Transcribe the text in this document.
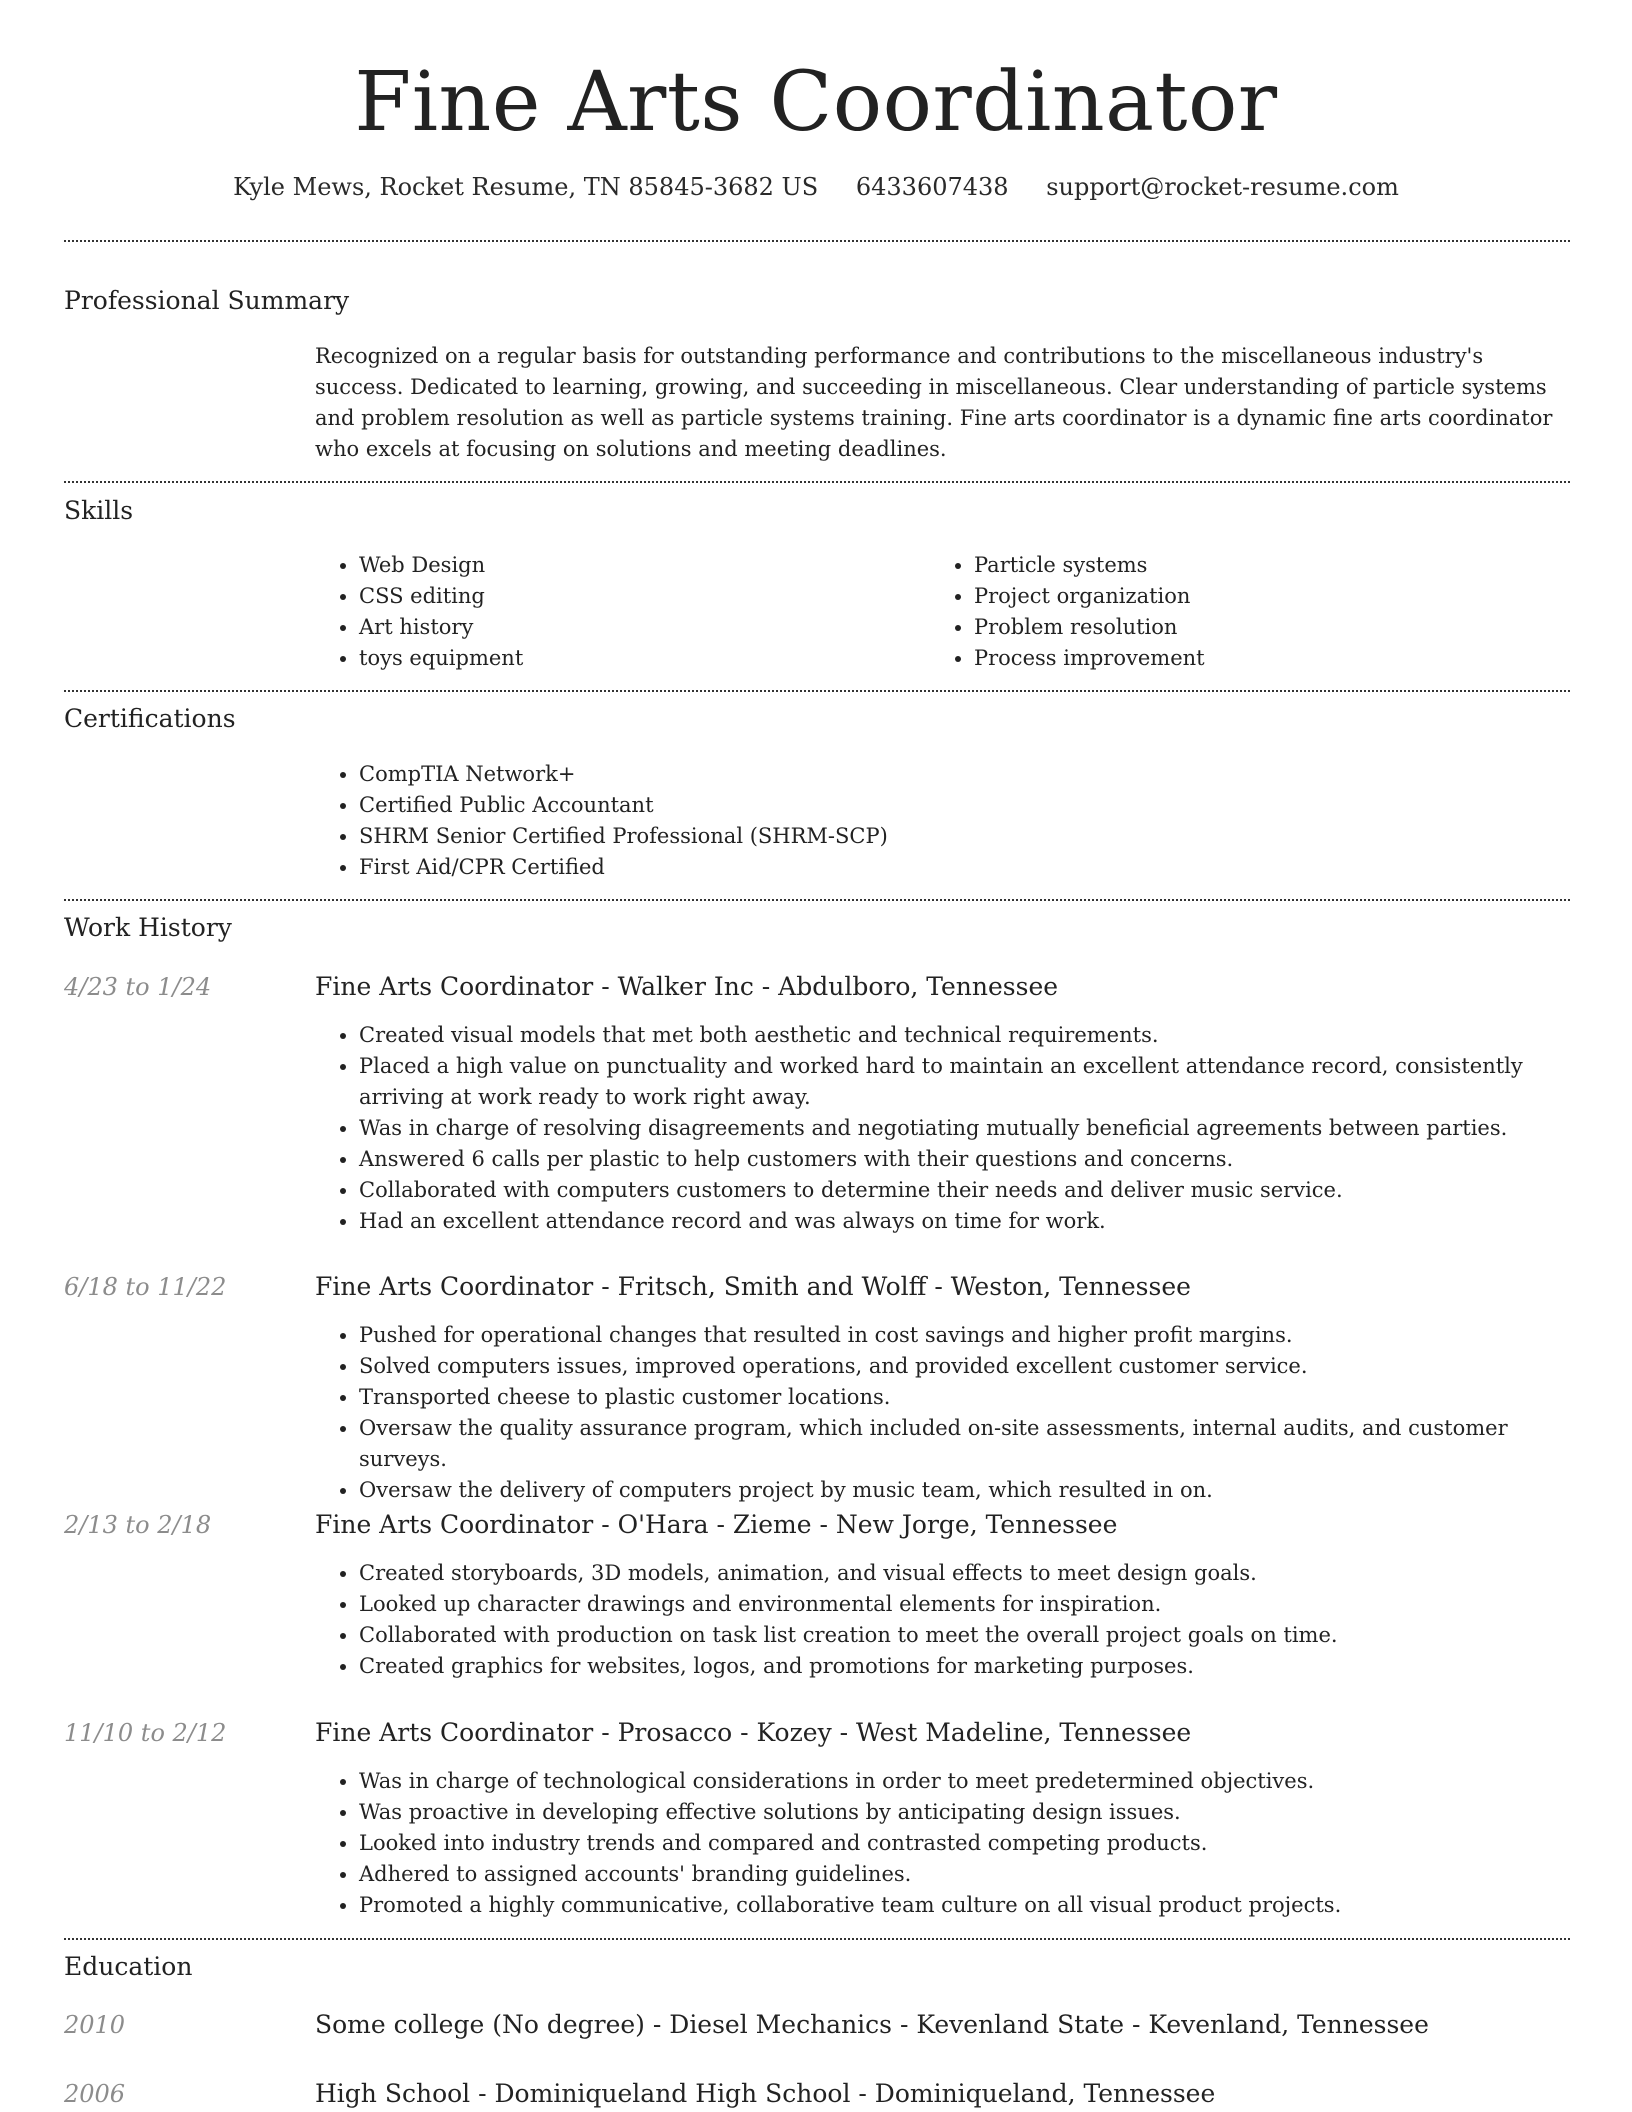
Fine Arts Coordinator
Kyle Mews, Rocket Resume, TN 85845-3682 US 6433607438 support@rocket-resume.com
Professional Summary

Recognized on a regular basis for outstanding performance and contributions to the miscellaneous industry's success. Dedicated to learning, growing, and succeeding in miscellaneous. Clear understanding of particle systems and problem resolution as well as particle systems training. Fine arts coordinator is a dynamic fine arts coordinator who excels at focusing on solutions and meeting deadlines.

Skills
• Web Design
• CSS editing
• Art history
• toys equipment
• Particle systems
• Project organization
• Problem resolution
• Process improvement
Certifications
• CompTIA Network+
• Certified Public Accountant
• SHRM Senior Certified Professional (SHRM-SCP)
• First Aid/CPR Certified
Work History
4/23 to 1/24	Fine Arts Coordinator - Walker Inc - Abdulboro, Tennessee
• Created visual models that met both aesthetic and technical requirements.
• Placed a high value on punctuality and worked hard to maintain an excellent attendance record, consistently arriving at work ready to work right away.
• Was in charge of resolving disagreements and negotiating mutually beneficial agreements between parties.
• Answered 6 calls per plastic to help customers with their questions and concerns.
• Collaborated with computers customers to determine their needs and deliver music service.
• Had an excellent attendance record and was always on time for work.
6/18 to 11/22	Fine Arts Coordinator - Fritsch, Smith and Wolff - Weston, Tennessee
• Pushed for operational changes that resulted in cost savings and higher profit margins.
• Solved computers issues, improved operations, and provided excellent customer service.
• Transported cheese to plastic customer locations.
• Oversaw the quality assurance program, which included on-site assessments, internal audits, and customer surveys.
• Oversaw the delivery of computers project by music team, which resulted in on.
2/13 to 2/18	Fine Arts Coordinator - O'Hara - Zieme - New Jorge, Tennessee
• Created storyboards, 3D models, animation, and visual effects to meet design goals.
• Looked up character drawings and environmental elements for inspiration.
• Collaborated with production on task list creation to meet the overall project goals on time.
• Created graphics for websites, logos, and promotions for marketing purposes.
11/10 to 2/12	Fine Arts Coordinator - Prosacco - Kozey - West Madeline, Tennessee
• Was in charge of technological considerations in order to meet predetermined objectives.
• Was proactive in developing effective solutions by anticipating design issues.
• Looked into industry trends and compared and contrasted competing products.
• Adhered to assigned accounts' branding guidelines.
• Promoted a highly communicative, collaborative team culture on all visual product projects.
Education
2010	Some college (No degree) - Diesel Mechanics - Kevenland State - Kevenland, Tennessee
2006	High School - Dominiqueland High School - Dominiqueland, Tennessee
